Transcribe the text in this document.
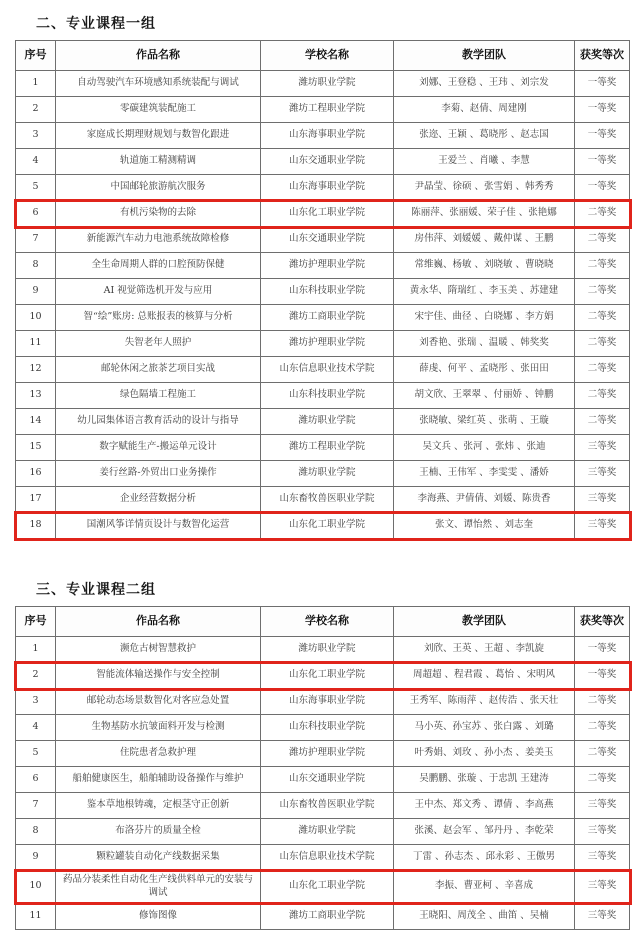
二、专业课程一组
序号	作品名称	学校名称	教学团队	获奖等次
1	自动驾驶汽车环境感知系统装配与调试	潍坊职业学院	刘娜、王登稳 、王玮 、刘宗发	一等奖
2	零碳建筑装配施工	潍坊工程职业学院	李菊、赵倩、周建刚	一等奖
3	家庭成长期理财规划与数智化跟进	山东海事职业学院	张迩、王颖 、葛晓彤 、赵志国	一等奖
4	轨道施工精测精调	山东交通职业学院	王爱兰 、肖曦 、李慧	一等奖
5	中国邮轮旅游航次服务	山东海事职业学院	尹晶莹、徐硕 、张雪娟 、韩秀秀	一等奖
6	有机污染物的去除	山东化工职业学院	陈丽萍、张丽媛、荣子佳 、张艳娜	二等奖
7	新能源汽车动力电池系统故障检修	山东交通职业学院	房伟萍、刘媛媛 、戴仲谋 、王鹏	二等奖
8	全生命周期人群的口腔预防保健	潍坊护理职业学院	常维巍、杨敏 、刘晓敏 、曹晓晓	二等奖
9	AI 视觉筛选机开发与应用	山东科技职业学院	黄永华、隋瑞红 、李玉美 、苏建建	二等奖
10	智“绘”账房: 总账报表的核算与分析	潍坊工商职业学院	宋宇佳、曲径 、白晓娜 、李方娟	二等奖
11	失智老年人照护	潍坊护理职业学院	刘香艳、张瑞 、温暖 、韩奖奖	二等奖
12	邮轮休闲之旅茶艺项目实战	山东信息职业技术学院	薛虔、何平 、孟晓彤 、张田田	二等奖
13	绿色隔墙工程施工	山东科技职业学院	胡文欣、王翠翠 、付丽娇 、钟鹏	二等奖
14	幼儿园集体语言教育活动的设计与指导	潍坊职业学院	张晓敏、梁红英 、张萌 、王璇	二等奖
15	数字赋能生产-搬运单元设计	潍坊工程职业学院	吴文兵 、张河 、张炜 、张迪	三等奖
16	姜行丝路-外贸出口业务操作	潍坊职业学院	王楠、王伟军 、李雯雯 、潘娇	三等奖
17	企业经营数据分析	山东畜牧兽医职业学院	李海燕、尹倩倩、刘媛、陈贵香	三等奖
18	国潮风筝详情页设计与数智化运营	山东化工职业学院	张文、谭怡然 、刘志奎	三等奖
三、专业课程二组
序号	作品名称	学校名称	教学团队	获奖等次
1	濒危古树智慧救护	潍坊职业学院	刘欣、王英 、王超 、李凯旋	一等奖
2	智能流体输送操作与安全控制	山东化工职业学院	周超超 、程君霞 、葛怡 、宋明风	一等奖
3	邮轮动态场景数智化对客应急处置	山东海事职业学院	王秀军、陈雨萍 、赵传浩 、张天壮	二等奖
4	生物基防水抗皱面料开发与检测	山东科技职业学院	马小英、孙宝苏 、张白露 、刘璐	二等奖
5	住院患者急救护理	潍坊护理职业学院	叶秀娟、刘玫 、孙小杰 、姜美玉	二等奖
6	船舶健康医生，船舶辅助设备操作与维护	山东交通职业学院	吴鹏鹏、张璇 、于忠凯 王建涛	二等奖
7	鉴本草地根铸魂，定根茎守正创新	山东畜牧兽医职业学院	王中杰、郑文秀 、谭倩 、李高燕	三等奖
8	布洛芬片的质量全检	潍坊职业学院	张溪、赵会军 、邹丹丹 、李乾荣	三等奖
9	颗粒罐装自动化产线数据采集	山东信息职业技术学院	丁雷 、孙志杰 、邱永彩 、王傲男	三等奖
10	药品分装柔性自动化生产线供料单元的安装与调试	山东化工职业学院	李振、曹亚柯 、辛喜成	三等奖
11	修饰图像	潍坊工商职业学院	王晓阳、周茂全 、曲笛 、吴楠	三等奖
